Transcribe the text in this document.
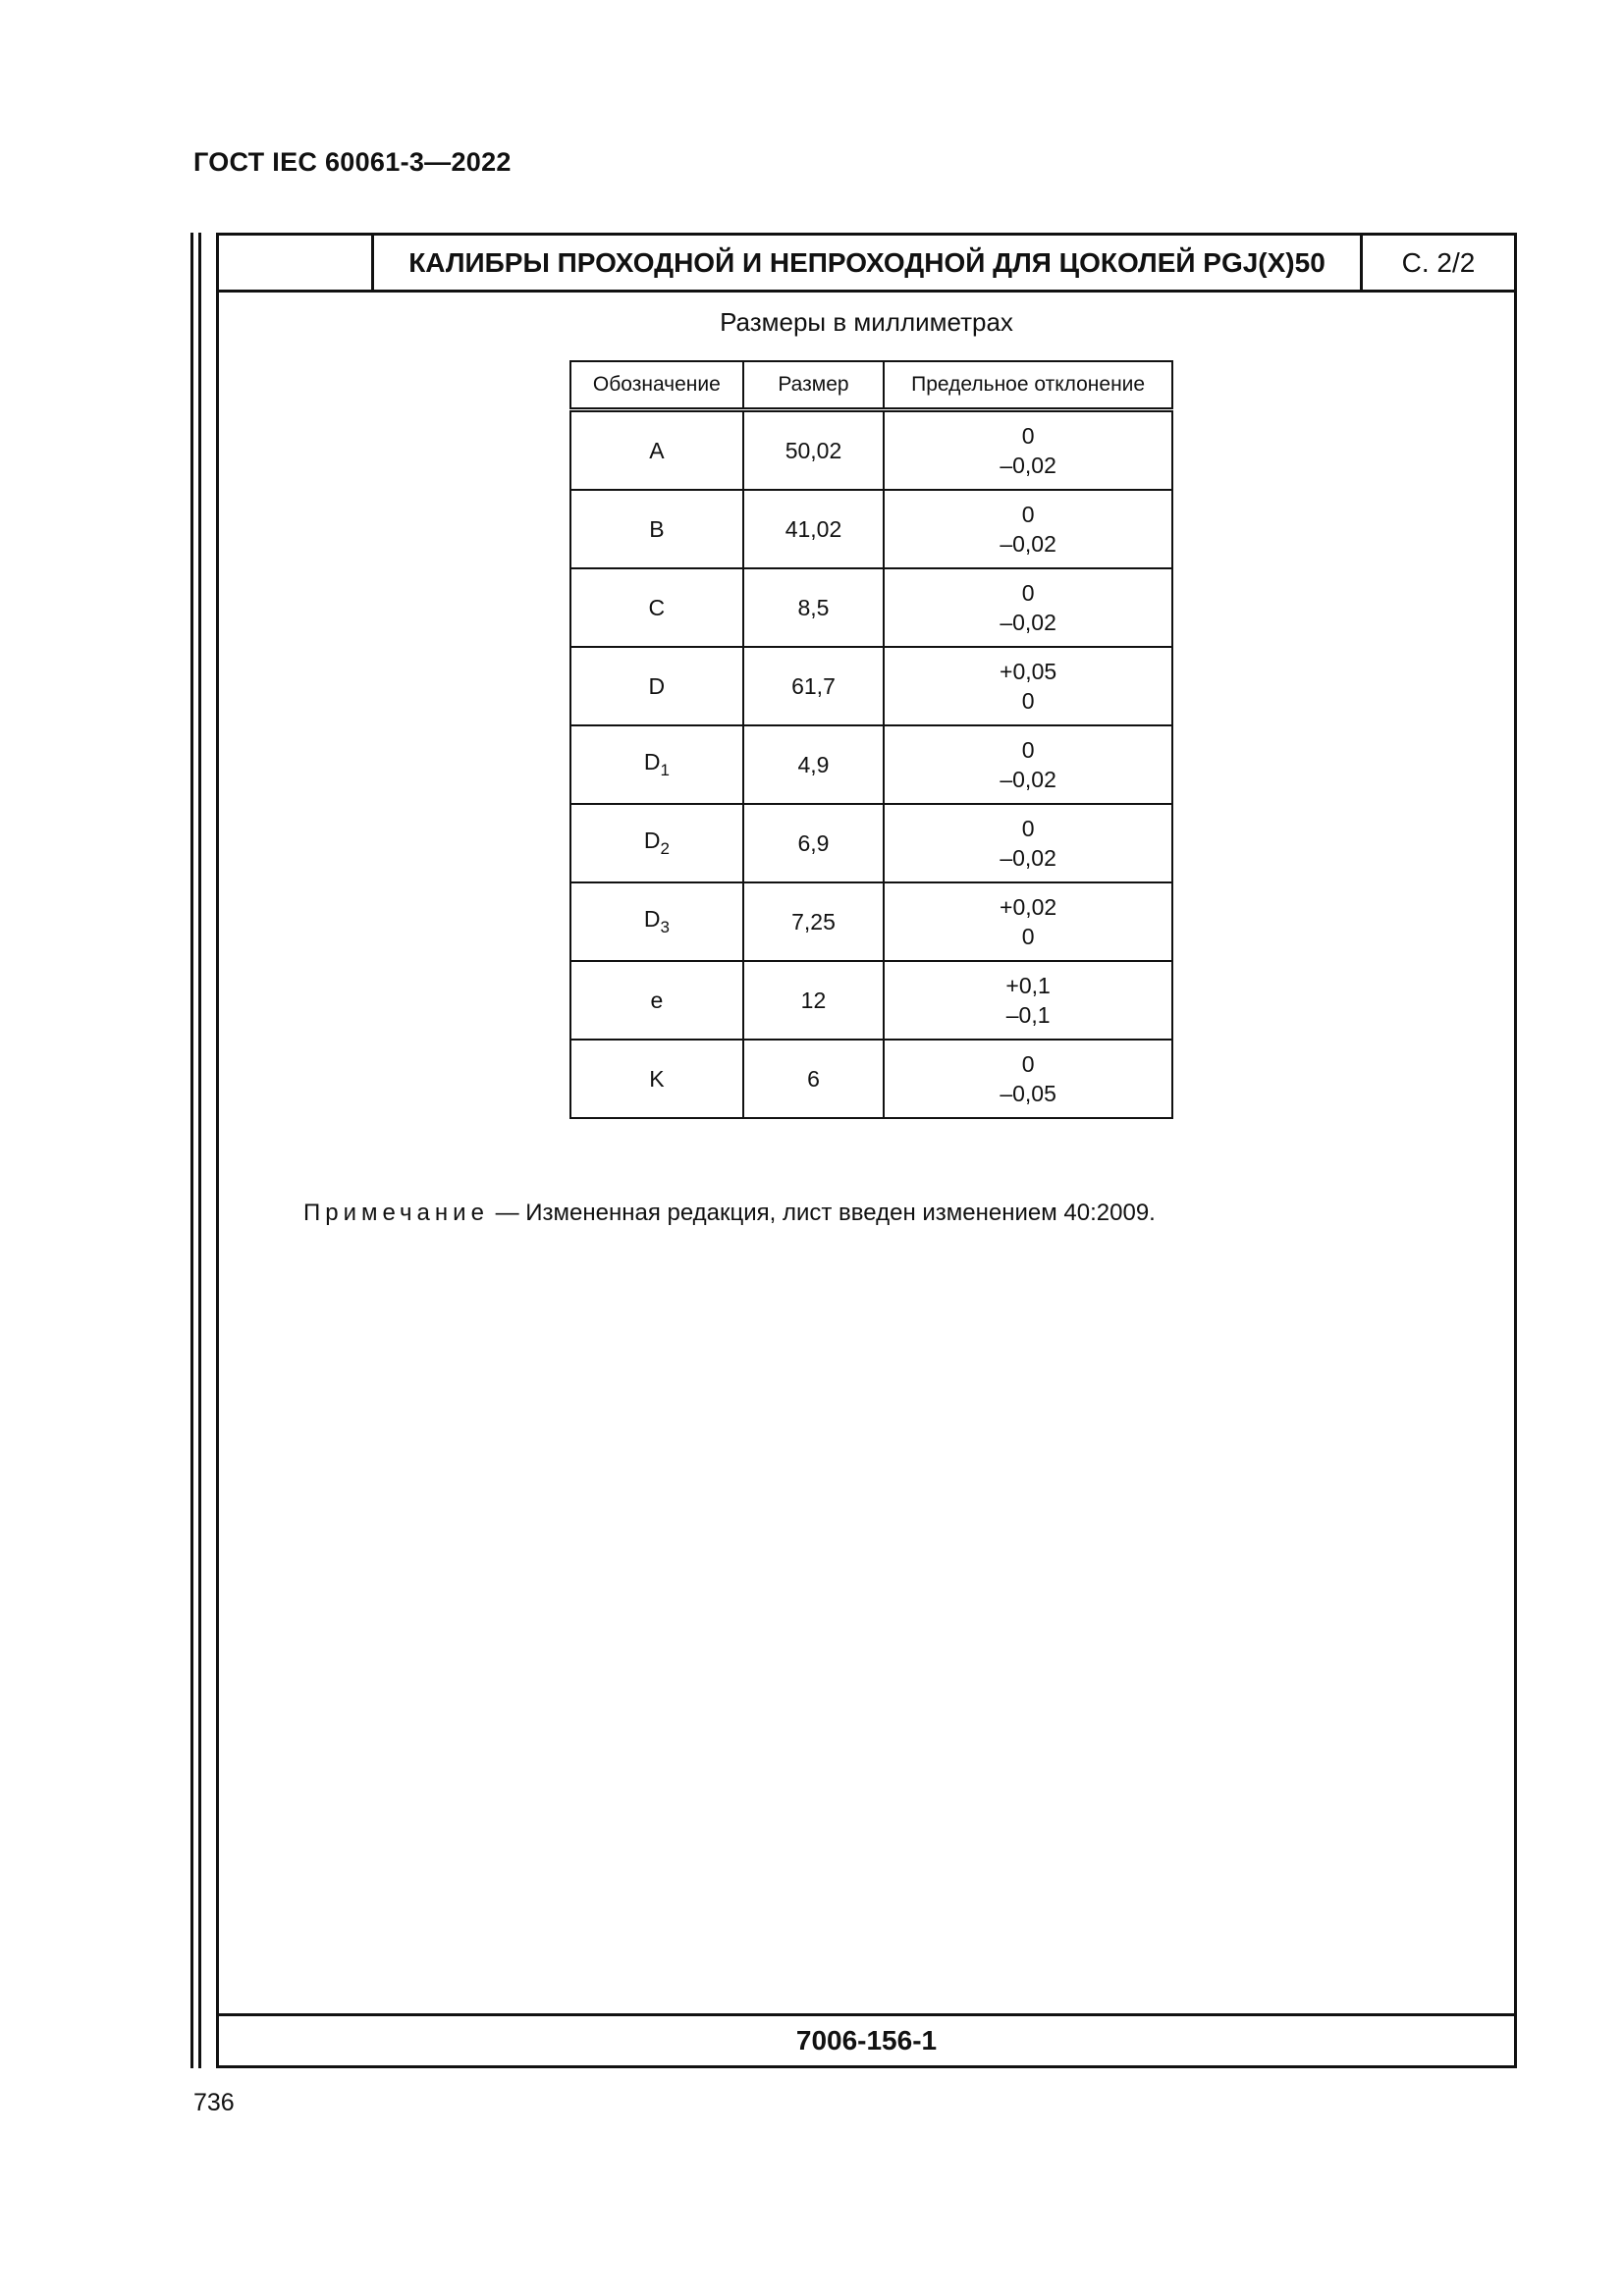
ГОСТ IEC 60061-3—2022
КАЛИБРЫ ПРОХОДНОЙ И НЕПРОХОДНОЙ ДЛЯ ЦОКОЛЕЙ PGJ(X)50	С. 2/2
Размеры в миллиметрах
Обозначение	Размер	Предельное отклонение
A	50,02	0
–0,02

B	41,02	0
–0,02

C	8,5	0
–0,02

D	61,7	+0,05
0

$D_1$	4,9	0
–0,02

$D_2$	6,9	0
–0,02

$D_3$	7,25	+0,02
0

e	12	+0,1
–0,1

K	6	0
–0,05
Примечание — Измененная редакция, лист введен изменением 40:2009.
7006-156-1
736
